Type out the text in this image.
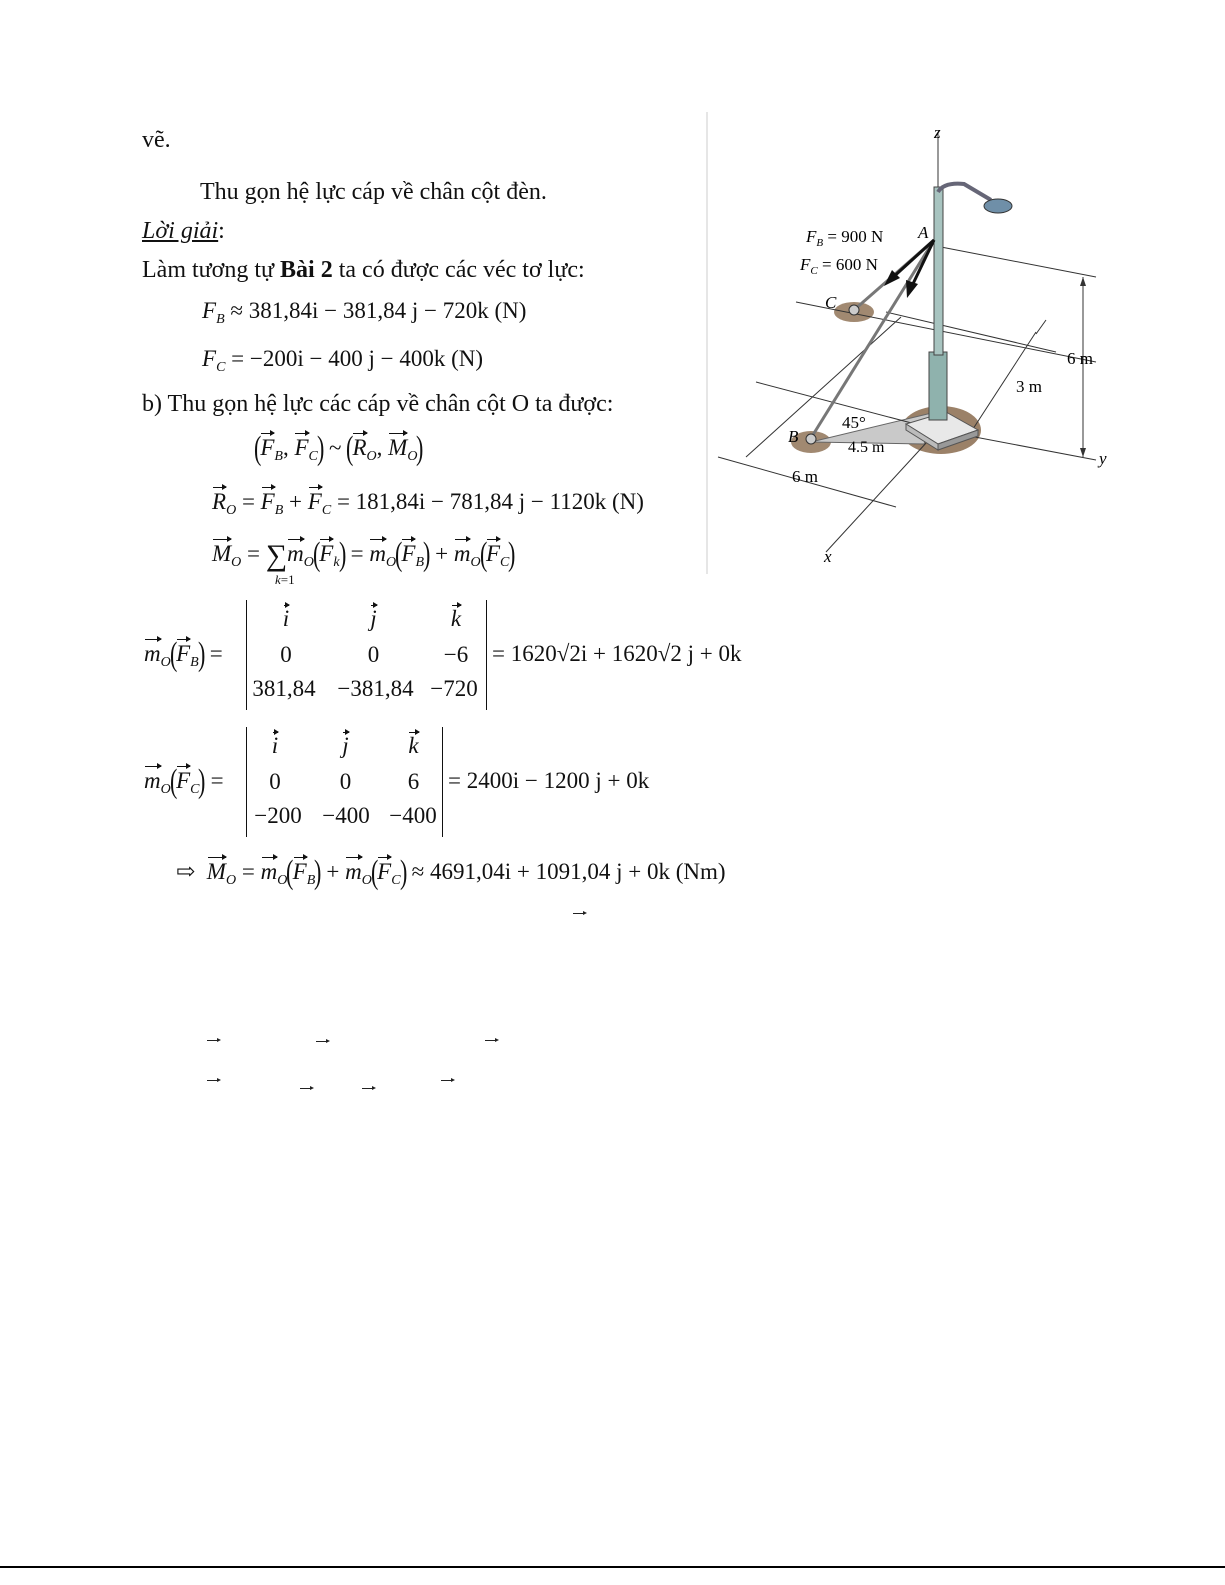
vẽ.
Thu gọn hệ lực cáp về chân cột đèn.
Lời giải:
Làm tương tự Bài 2 ta có được các véc tơ lực:
$F_B \approx 381,84i - 381,84$ j − 720k (N)
$F_C = -200i - 400$ j − 400k (N)
b) Thu gọn hệ lực các cáp về chân cột O ta được:
($F_B$, $F_C$) ~ ($R_O$, $M_O$)
$R_O = F_B + F_C = 181,84i - 781,84$ j − 1120k (N)
$M_O = \sum m_O(F_k) = m_O(F_B) + m_O(F_C)$
k=1
$m_O(F_B)$ =
i	j	k
0	0	−6
381,84 −381,84 −720
= 1620√2i + 1620√2 j + 0k
$m_O(F_C)$ =
i	j	k
0	0	6
−200 −400 −400
= 2400i − 1200 j + 0k
⇨ $M_O = m_O(F_B) + m_O(F_C) \approx 4691,04i + 1091,04$ j + 0k (Nm)
z
y
x
A
C
B
$F_B = 900$ N
$F_C = 600$ N
6 m
3 m
45°
4.5 m
6 m
